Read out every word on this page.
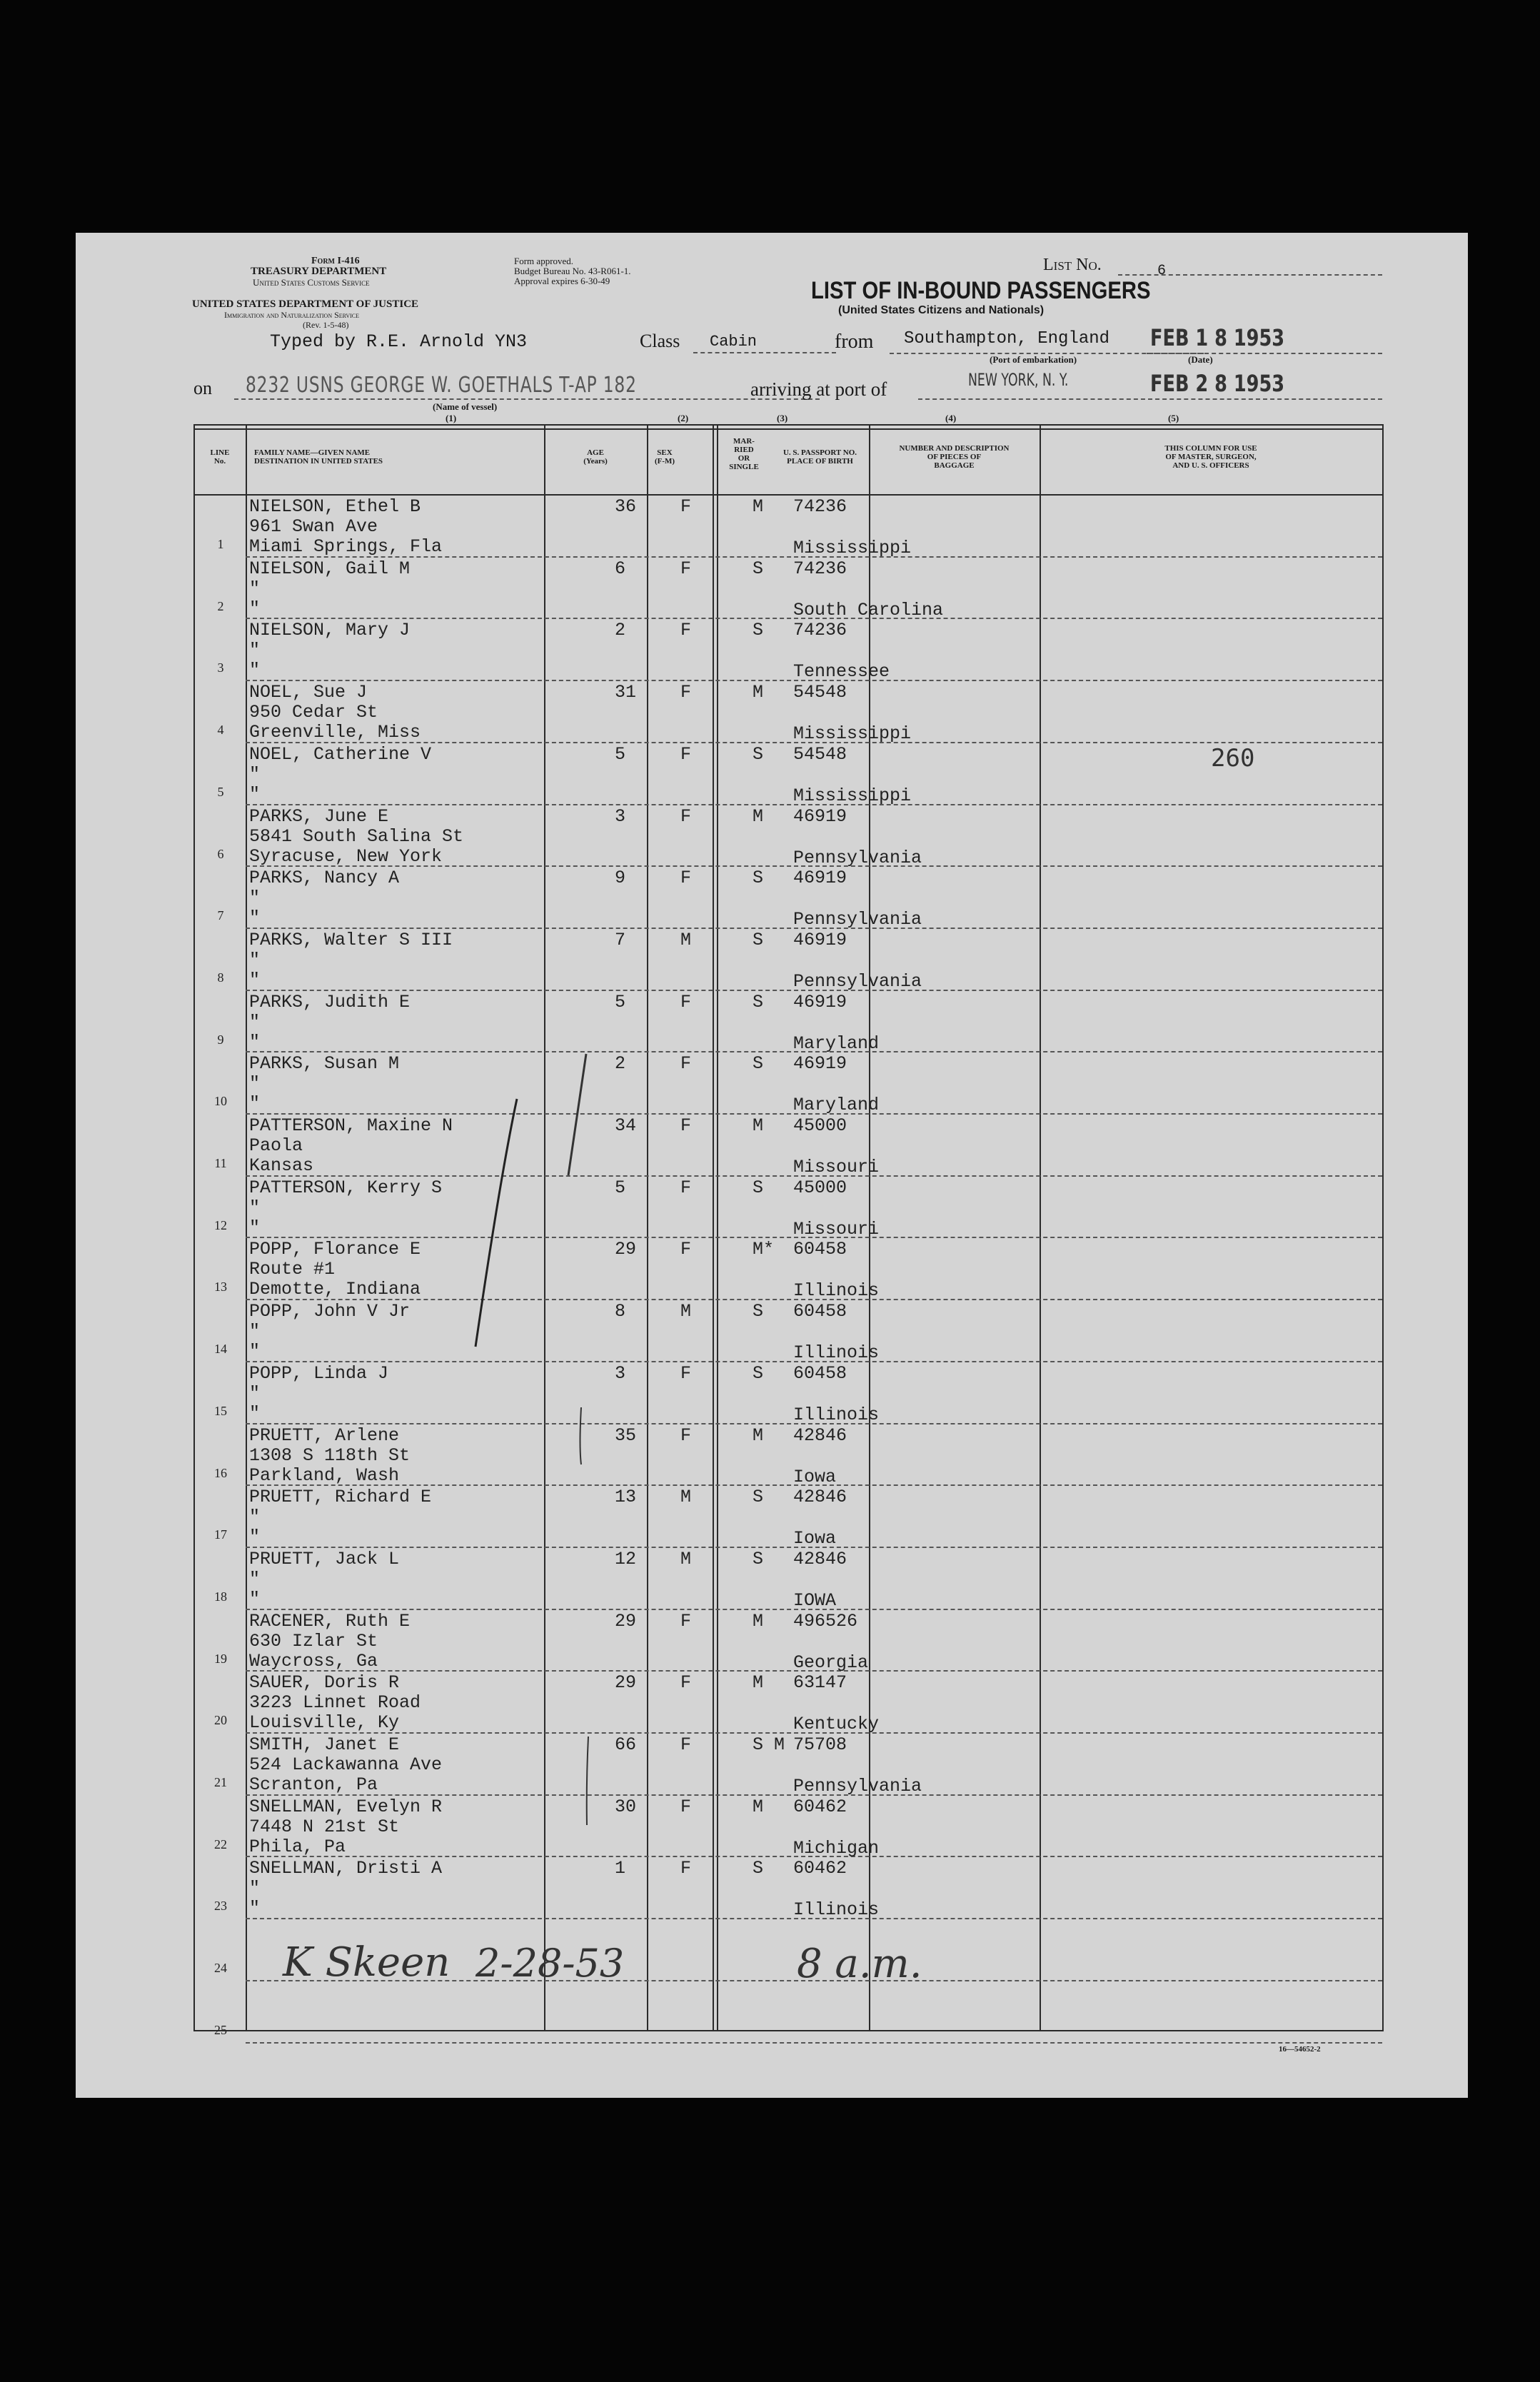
Form I-416
TREASURY DEPARTMENT
United States Customs Service
UNITED STATES DEPARTMENT OF JUSTICE
Immigration and Naturalization Service
(Rev. 1-5-48)
Form approved.
Budget Bureau No. 43-R061-1.
Approval expires 6-30-49
List No.	6
LIST OF IN-BOUND PASSENGERS
(United States Citizens and Nationals)
Typed by R.E. Arnold YN3	Class Cabin	from Southampton, England
(Port of embarkation)
FEB 1 8 1953
(Date)
on 8232 USNS GEORGE W. GOETHALS T-AP 182
(Name of vessel)
arriving at port of	NEW YORK, N. Y.	FEB 2 8 1953
(1)	(2)	(3)	(4)	(5)
LINE
No.
FAMILY NAME—GIVEN NAME
DESTINATION IN UNITED STATES
AGE
(Years)
SEX
(F-M)
MAR-
RIED
OR
SINGLE
U. S. PASSPORT NO.
PLACE OF BIRTH
NUMBER AND DESCRIPTION
OF PIECES OF
BAGGAGE
THIS COLUMN FOR USE
OF MASTER, SURGEON,
AND U. S. OFFICERS
1
NIELSON, Ethel B
961 Swan Ave
Miami Springs, Fla
36 F	M 74236
Mississippi
2
NIELSON, Gail M
"
"
6	F	S 74236
South Carolina
3
NIELSON, Mary J
"
"
2	F	S 74236
Tennessee
4
NOEL, Sue J
950 Cedar St
Greenville, Miss
31 F	M 54548
Mississippi
5
NOEL, Catherine V
"
"
5	F	S 54548
Mississippi
6
PARKS, June E
5841 South Salina St
Syracuse, New York
3	F	M 46919
Pennsylvania
7
PARKS, Nancy A
"
"
9	F	S 46919
Pennsylvania
8
PARKS, Walter S III
"
"
7	M	S 46919
Pennsylvania
9
PARKS, Judith E
"
"
5	F	S 46919
Maryland
10
PARKS, Susan M
"
"
2	F	S 46919
Maryland
11
PATTERSON, Maxine N
Paola
Kansas
34 F	M 45000
Missouri
12
PATTERSON, Kerry S
"
"
5	F	S 45000
Missouri
13
POPP, Florance E
Route #1
Demotte, Indiana
29 F	M* 60458
Illinois
14
POPP, John V Jr
"
"
8	M	S 60458
Illinois
15
POPP, Linda J
"
"
3	F	S 60458
Illinois
16
PRUETT, Arlene
1308 S 118th St
Parkland, Wash
35 F	M 42846
Iowa
17
PRUETT, Richard E
"
"
13 M	S 42846
Iowa
18
PRUETT, Jack L
"
"
12 M	S 42846
IOWA
19
RACENER, Ruth E
630 Izlar St
Waycross, Ga
29 F	M 496526
Georgia
20
SAUER, Doris R
3223 Linnet Road
Louisville, Ky
29 F	M 63147
Kentucky
21
SMITH, Janet E
524 Lackawanna Ave
Scranton, Pa
66 F	S M 75708
Pennsylvania
22
SNELLMAN, Evelyn R
7448 N 21st St
Phila, Pa
30 F	M 60462
Michigan
23
SNELLMAN, Dristi A
"
"
1	F	S 60462
Illinois
24
25
260
K Skeen 2-28-53	8 a.m.
16—54652-2
